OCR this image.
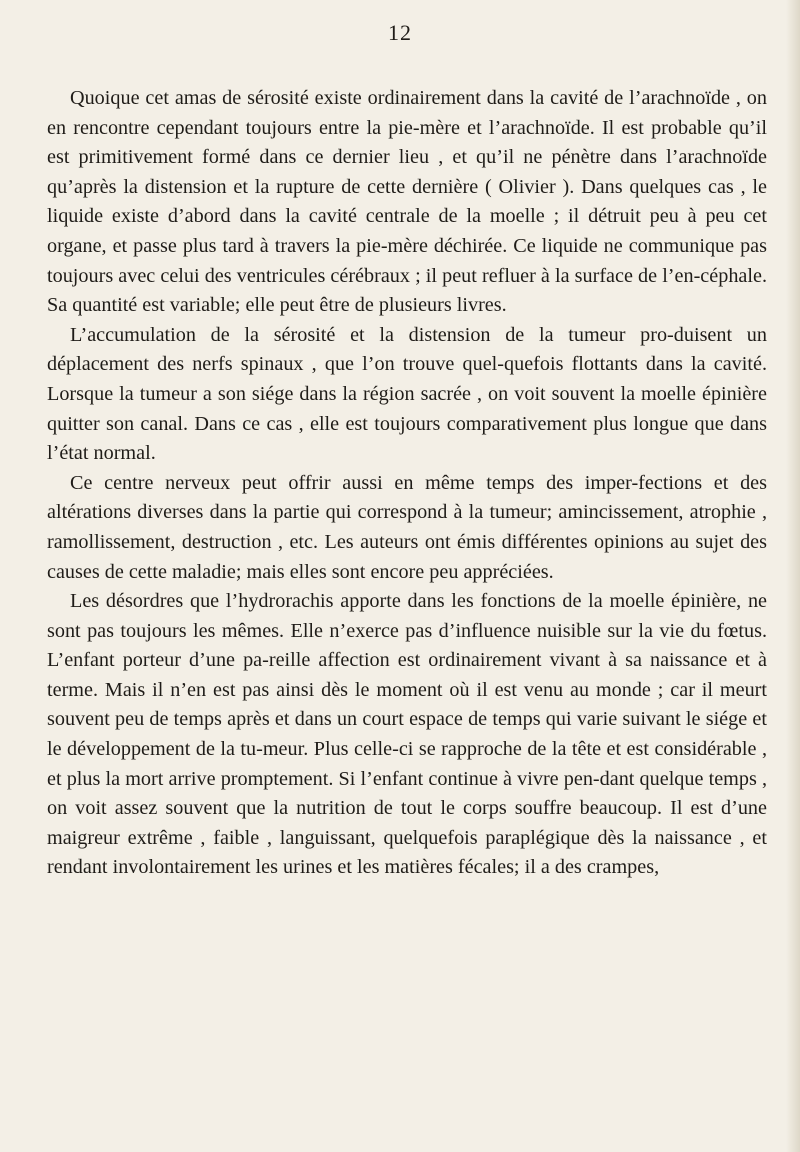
12

Quoique cet amas de sérosité existe ordinairement dans la cavité de l’arachnoïde , on en rencontre cependant toujours entre la pie-mère et l’arachnoïde. Il est probable qu’il est primitivement formé dans ce dernier lieu , et qu’il ne pénètre dans l’arachnoïde qu’après la distension et la rupture de cette dernière ( Olivier ). Dans quelques cas , le liquide existe d’abord dans la cavité centrale de la moelle ; il détruit peu à peu cet organe, et passe plus tard à travers la pie-mère déchirée. Ce liquide ne communique pas toujours avec celui des ventricules cérébraux ; il peut refluer à la surface de l’en-céphale. Sa quantité est variable; elle peut être de plusieurs livres.

L’accumulation de la sérosité et la distension de la tumeur pro-duisent un déplacement des nerfs spinaux , que l’on trouve quel-quefois flottants dans la cavité. Lorsque la tumeur a son siége dans la région sacrée , on voit souvent la moelle épinière quitter son canal. Dans ce cas , elle est toujours comparativement plus longue que dans l’état normal.

Ce centre nerveux peut offrir aussi en même temps des imper-fections et des altérations diverses dans la partie qui correspond à la tumeur; amincissement, atrophie , ramollissement, destruction , etc. Les auteurs ont émis différentes opinions au sujet des causes de cette maladie; mais elles sont encore peu appréciées.

Les désordres que l’hydrorachis apporte dans les fonctions de la moelle épinière, ne sont pas toujours les mêmes. Elle n’exerce pas d’influence nuisible sur la vie du fœtus. L’enfant porteur d’une pa-reille affection est ordinairement vivant à sa naissance et à terme. Mais il n’en est pas ainsi dès le moment où il est venu au monde ; car il meurt souvent peu de temps après et dans un court espace de temps qui varie suivant le siége et le développement de la tu-meur. Plus celle-ci se rapproche de la tête et est considérable , et plus la mort arrive promptement. Si l’enfant continue à vivre pen-dant quelque temps , on voit assez souvent que la nutrition de tout le corps souffre beaucoup. Il est d’une maigreur extrême , faible , languissant, quelquefois paraplégique dès la naissance , et rendant involontairement les urines et les matières fécales; il a des crampes,
